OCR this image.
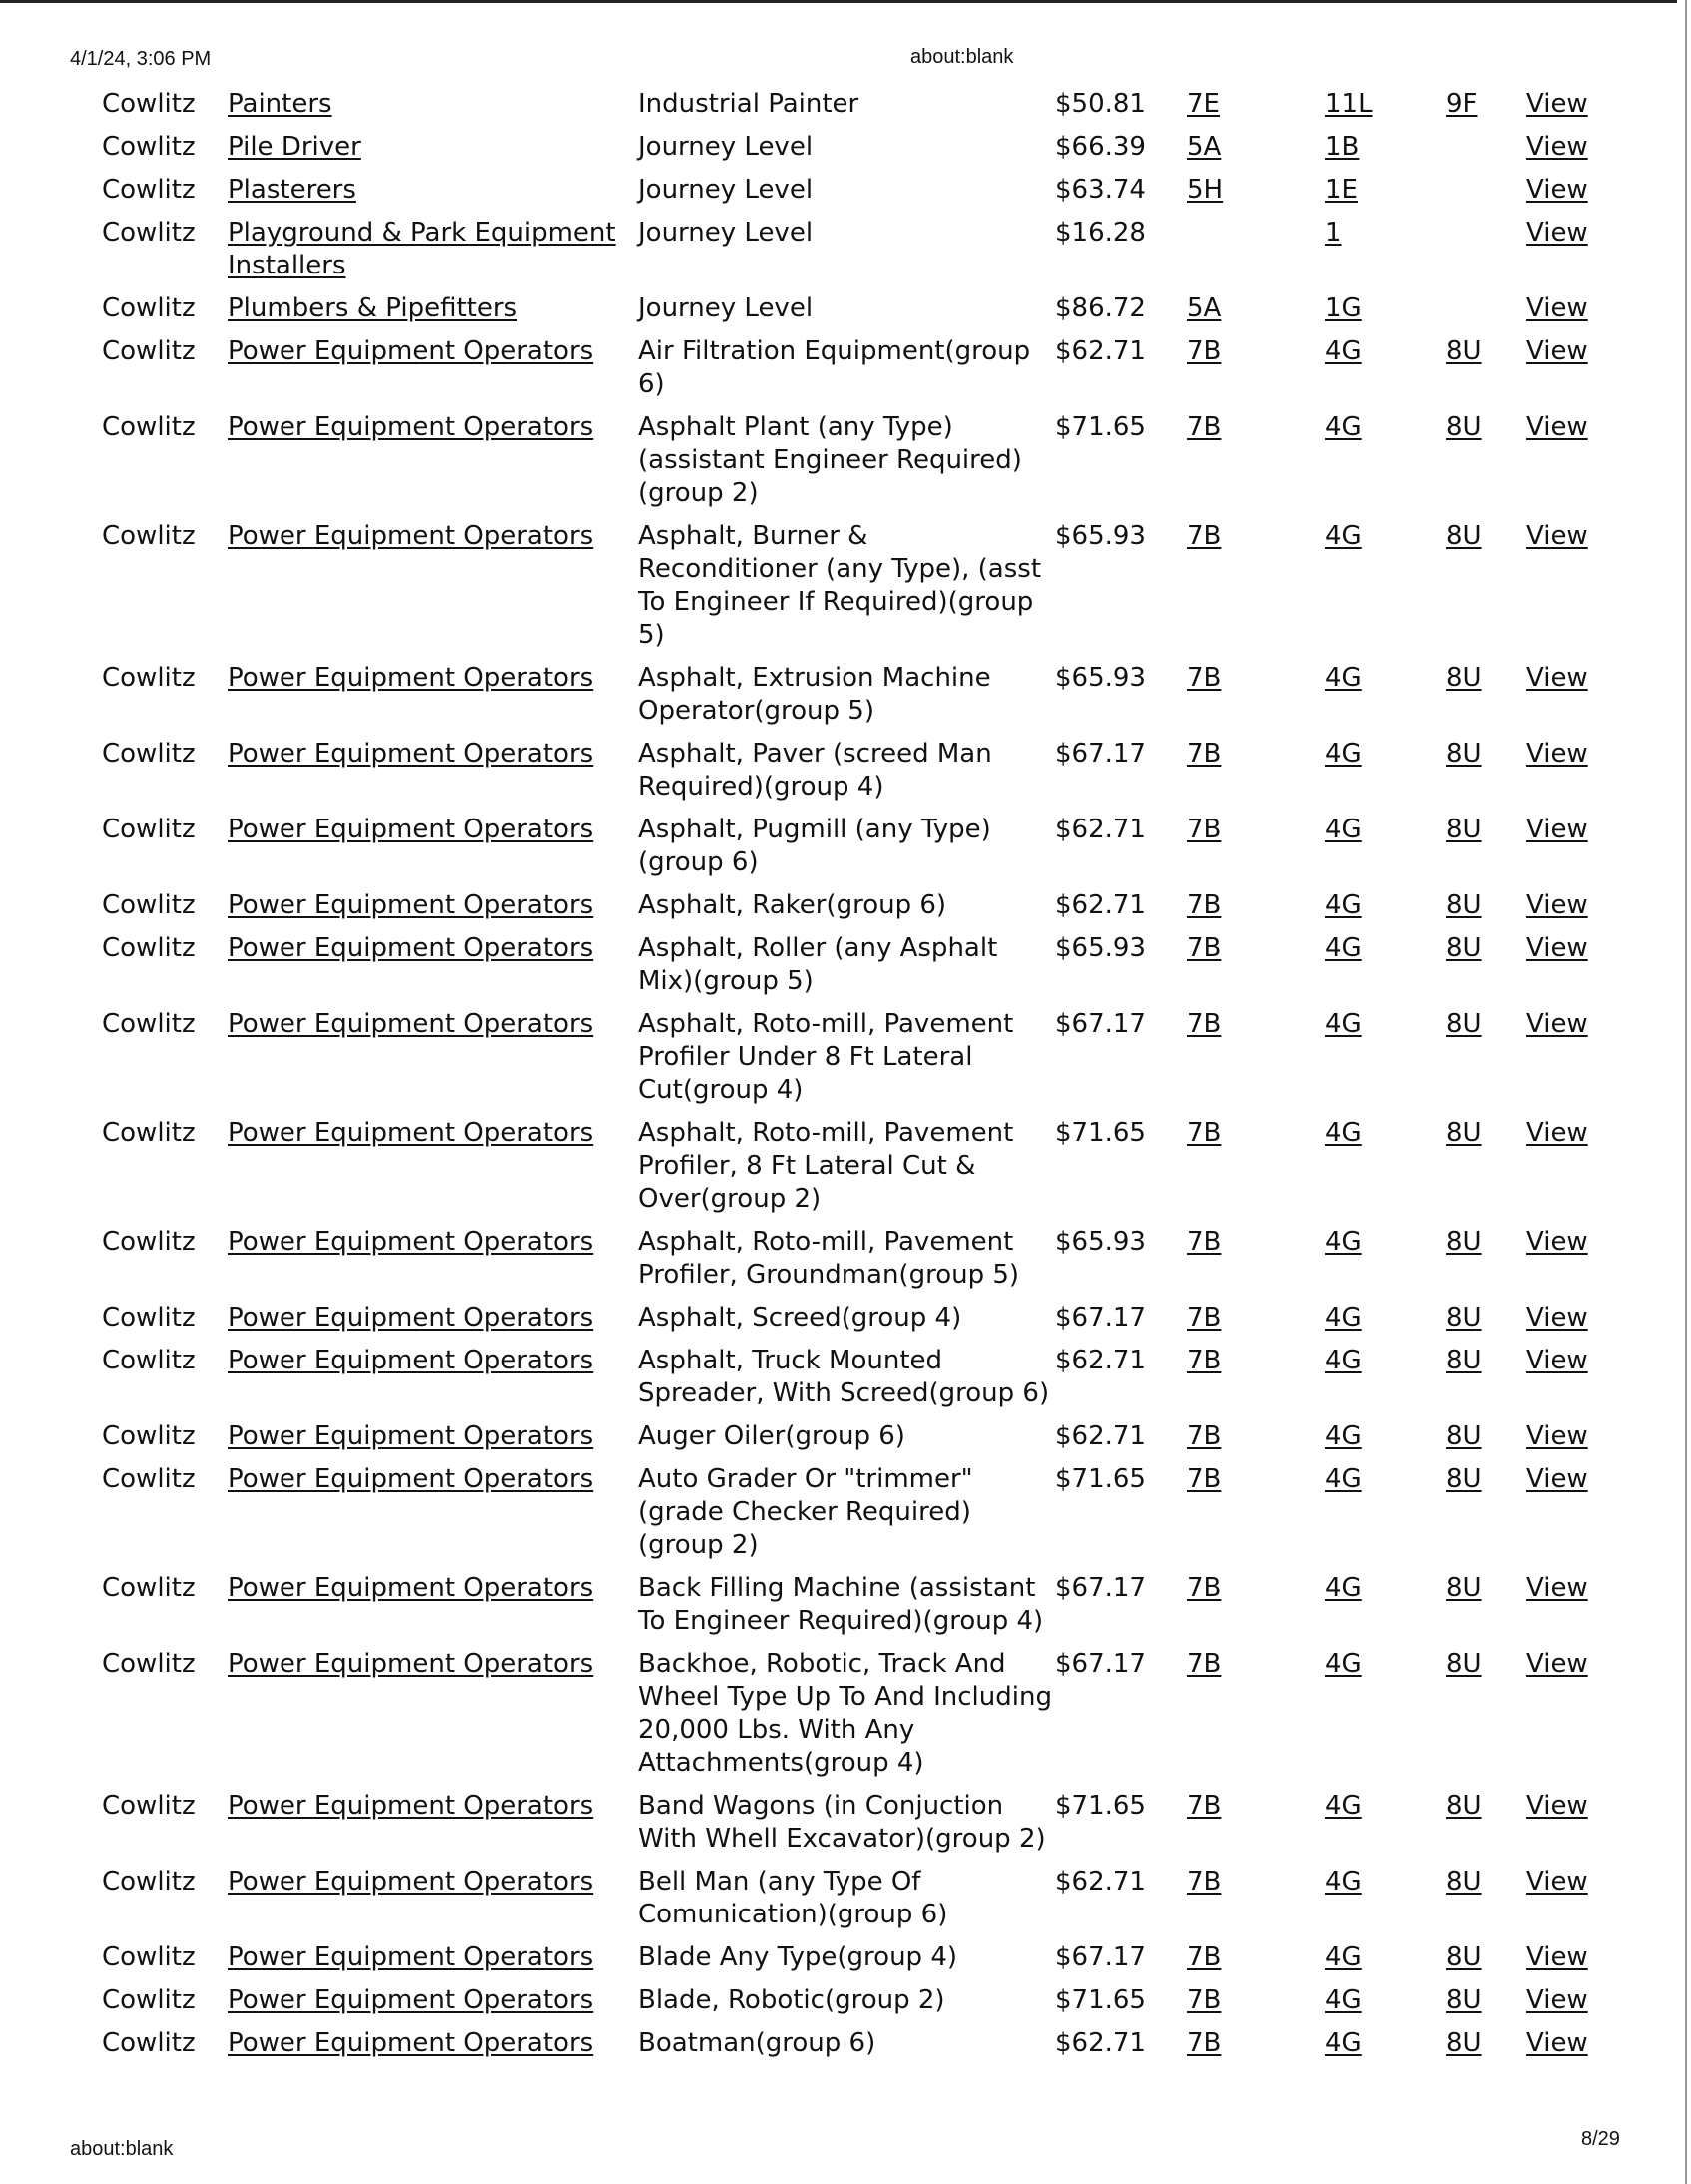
4/1/24, 3:06 PM	about:blank
Cowlitz	Painters	Industrial Painter	$50.81	7E	11L	9F	View
Cowlitz	Pile Driver	Journey Level	$66.39	5A	1B		View
Cowlitz	Plasterers	Journey Level	$63.74	5H	1E		View
Cowlitz	Playground & Park Equipment Installers	Journey Level	$16.28		1		View
Cowlitz	Plumbers & Pipefitters	Journey Level	$86.72	5A	1G		View
Cowlitz	Power Equipment Operators	Air Filtration Equipment(group 6)	$62.71	7B	4G	8U	View
Cowlitz	Power Equipment Operators	Asphalt Plant (any Type) (assistant Engineer Required)(group 2)	$71.65	7B	4G	8U	View
Cowlitz	Power Equipment Operators	Asphalt, Burner & Reconditioner (any Type), (asst To Engineer If Required)(group 5)	$65.93	7B	4G	8U	View
Cowlitz	Power Equipment Operators	Asphalt, Extrusion Machine Operator(group 5)	$65.93	7B	4G	8U	View
Cowlitz	Power Equipment Operators	Asphalt, Paver (screed Man Required)(group 4)	$67.17	7B	4G	8U	View
Cowlitz	Power Equipment Operators	Asphalt, Pugmill (any Type) (group 6)	$62.71	7B	4G	8U	View
Cowlitz	Power Equipment Operators	Asphalt, Raker(group 6)	$62.71	7B	4G	8U	View
Cowlitz	Power Equipment Operators	Asphalt, Roller (any Asphalt Mix)(group 5)	$65.93	7B	4G	8U	View
Cowlitz	Power Equipment Operators	Asphalt, Roto-mill, Pavement Profiler Under 8 Ft Lateral Cut(group 4)	$67.17	7B	4G	8U	View
Cowlitz	Power Equipment Operators	Asphalt, Roto-mill, Pavement Profiler, 8 Ft Lateral Cut & Over(group 2)	$71.65	7B	4G	8U	View
Cowlitz	Power Equipment Operators	Asphalt, Roto-mill, Pavement Profiler, Groundman(group 5)	$65.93	7B	4G	8U	View
Cowlitz	Power Equipment Operators	Asphalt, Screed(group 4)	$67.17	7B	4G	8U	View
Cowlitz	Power Equipment Operators	Asphalt, Truck Mounted Spreader, With Screed(group 6)	$62.71	7B	4G	8U	View
Cowlitz	Power Equipment Operators	Auger Oiler(group 6)	$62.71	7B	4G	8U	View
Cowlitz	Power Equipment Operators	Auto Grader Or "trimmer" (grade Checker Required) (group 2)	$71.65	7B	4G	8U	View
Cowlitz	Power Equipment Operators	Back Filling Machine (assistant To Engineer Required)(group 4)	$67.17	7B	4G	8U	View
Cowlitz	Power Equipment Operators	Backhoe, Robotic, Track And Wheel Type Up To And Including 20,000 Lbs. With Any Attachments(group 4)	$67.17	7B	4G	8U	View
Cowlitz	Power Equipment Operators	Band Wagons (in Conjuction With Whell Excavator)(group 2)	$71.65	7B	4G	8U	View
Cowlitz	Power Equipment Operators	Bell Man (any Type Of Comunication)(group 6)	$62.71	7B	4G	8U	View
Cowlitz	Power Equipment Operators	Blade Any Type(group 4)	$67.17	7B	4G	8U	View
Cowlitz	Power Equipment Operators	Blade, Robotic(group 2)	$71.65	7B	4G	8U	View
Cowlitz	Power Equipment Operators	Boatman(group 6)	$62.71	7B	4G	8U	View
about:blank	8/29
